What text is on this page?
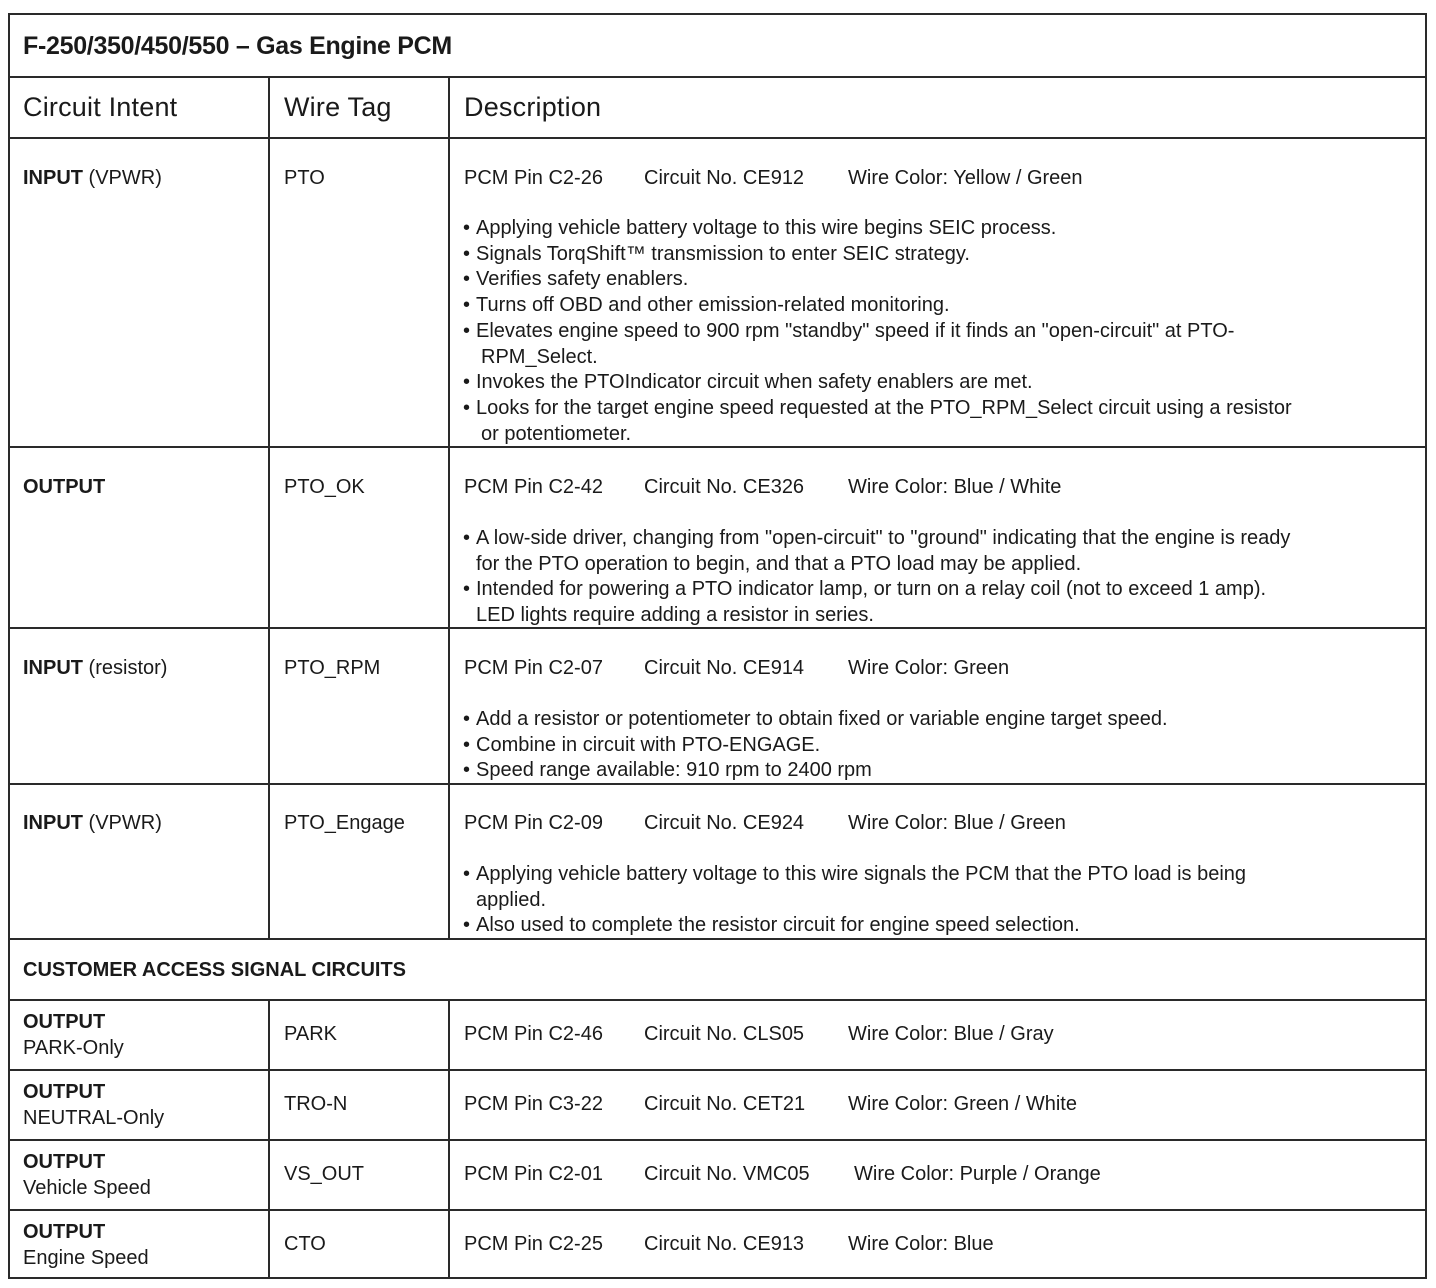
F-250/350/450/550 – Gas Engine PCM
Circuit Intent	Wire Tag	Description
INPUT (VPWR)	PTO	PCM Pin C2-26 Circuit No. CE912 Wire Color: Yellow / Green
• Applying vehicle battery voltage to this wire begins SEIC process.
• Signals TorqShift™ transmission to enter SEIC strategy.
• Verifies safety enablers.
• Turns off OBD and other emission-related monitoring.
• Elevates engine speed to 900 rpm "standby" speed if it finds an "open-circuit" at PTO-
RPM_Select.
• Invokes the PTOIndicator circuit when safety enablers are met.
• Looks for the target engine speed requested at the PTO_RPM_Select circuit using a resistor
or potentiometer.
OUTPUT	PTO_OK	PCM Pin C2-42 Circuit No. CE326 Wire Color: Blue / White
• A low-side driver, changing from "open-circuit" to "ground" indicating that the engine is ready
for the PTO operation to begin, and that a PTO load may be applied.
• Intended for powering a PTO indicator lamp, or turn on a relay coil (not to exceed 1 amp).
LED lights require adding a resistor in series.
INPUT (resistor)	PTO_RPM	PCM Pin C2-07 Circuit No. CE914 Wire Color: Green
• Add a resistor or potentiometer to obtain fixed or variable engine target speed.
• Combine in circuit with PTO-ENGAGE.
• Speed range available: 910 rpm to 2400 rpm
INPUT (VPWR)	PTO_Engage	PCM Pin C2-09 Circuit No. CE924 Wire Color: Blue / Green
• Applying vehicle battery voltage to this wire signals the PCM that the PTO load is being
applied.
• Also used to complete the resistor circuit for engine speed selection.
CUSTOMER ACCESS SIGNAL CIRCUITS
OUTPUT
PARK-Only
PARK	PCM Pin C2-46 Circuit No. CLS05 Wire Color: Blue / Gray
OUTPUT
NEUTRAL-Only
TRO-N	PCM Pin C3-22 Circuit No. CET21 Wire Color: Green / White
OUTPUT
Vehicle Speed
VS_OUT	PCM Pin C2-01 Circuit No. VMC05 Wire Color: Purple / Orange
OUTPUT
Engine Speed
CTO	PCM Pin C2-25 Circuit No. CE913 Wire Color: Blue
